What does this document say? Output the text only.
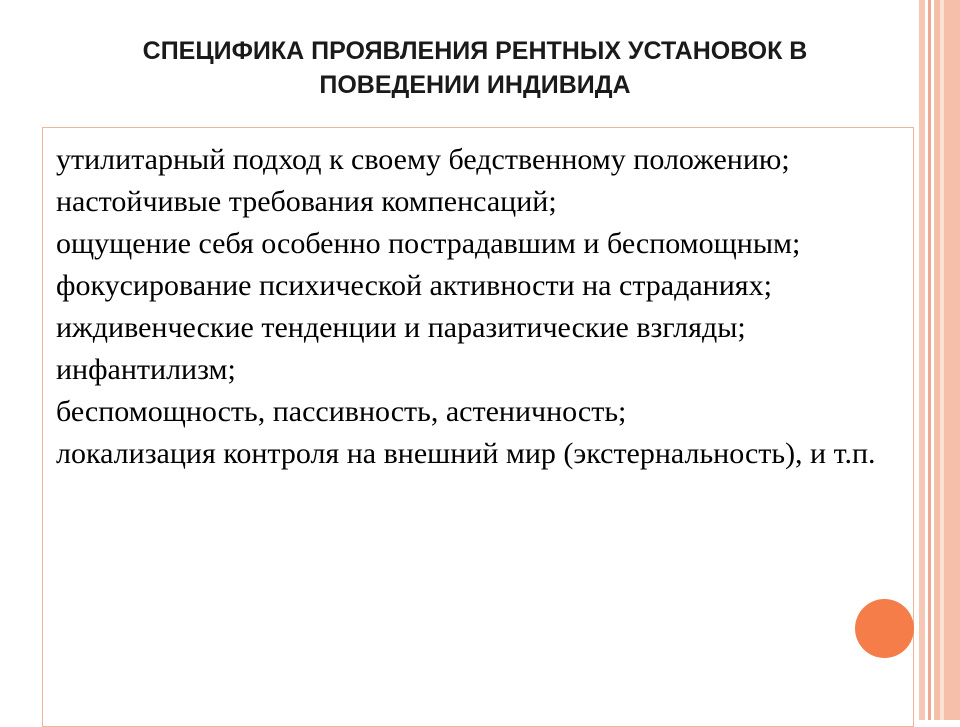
СПЕЦИФИКА ПРОЯВЛЕНИЯ РЕНТНЫХ УСТАНОВОК В
ПОВЕДЕНИИ ИНДИВИДА
утилитарный подход к своему бедственному положению;
настойчивые требования компенсаций;
ощущение себя особенно пострадавшим и беспомощным;
фокусирование психической активности на страданиях;
иждивенческие тенденции и паразитические взгляды;
инфантилизм;
беспомощность, пассивность, астеничность;
локализация контроля на внешний мир (экстернальность), и т.п.
